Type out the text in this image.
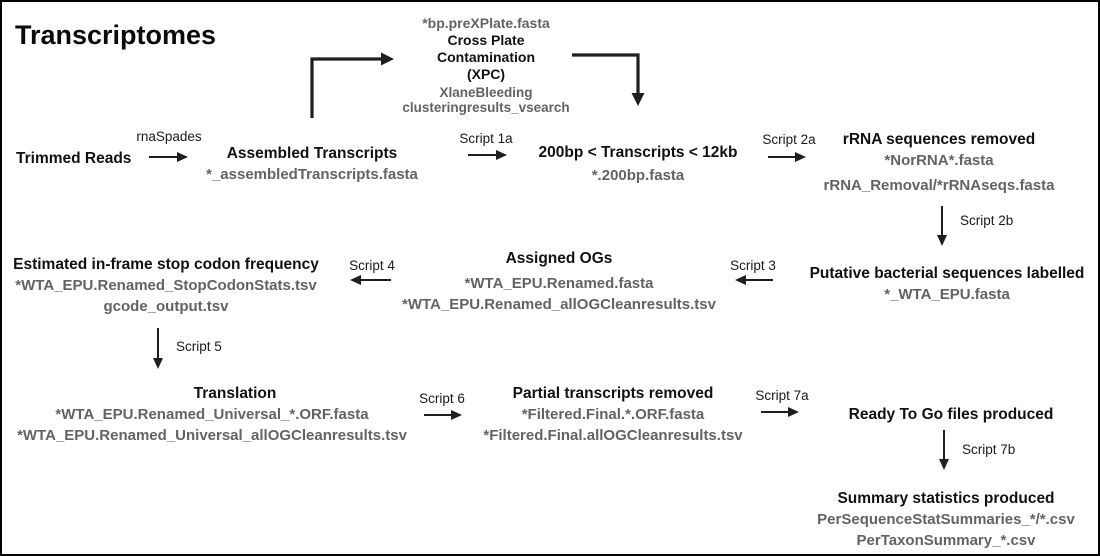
Transcriptomes
Trimmed Reads
rnaSpades
Assembled Transcripts
*_assembledTranscripts.fasta
Script 1a
*bp.preXPlate.fasta
Cross Plate
Contamination
(XPC)
XlaneBleeding
clusteringresults_vsearch
200bp < Transcripts < 12kb
*.200bp.fasta
Script 2a	rRNA sequences removed
*NorRNA*.fasta
rRNA_Removal/*rRNAseqs.fasta
Script 2b
Putative bacterial sequences labelled
*_WTA_EPU.fasta
Script 3
Assigned OGs
*WTA_EPU.Renamed.fasta
*WTA_EPU.Renamed_allOGCleanresults.tsv
Script 4
Estimated in-frame stop codon frequency
*WTA_EPU.Renamed_StopCodonStats.tsv
gcode_output.tsv
Script 5
Translation
*WTA_EPU.Renamed_Universal_*.ORF.fasta
*WTA_EPU.Renamed_Universal_allOGCleanresults.tsv
Script 6	Partial transcripts removed
*Filtered.Final.*.ORF.fasta
*Filtered.Final.allOGCleanresults.tsv
Script 7a
Ready To Go files produced
Script 7b
Summary statistics produced
PerSequenceStatSummaries_*/*.csv
PerTaxonSummary_*.csv
